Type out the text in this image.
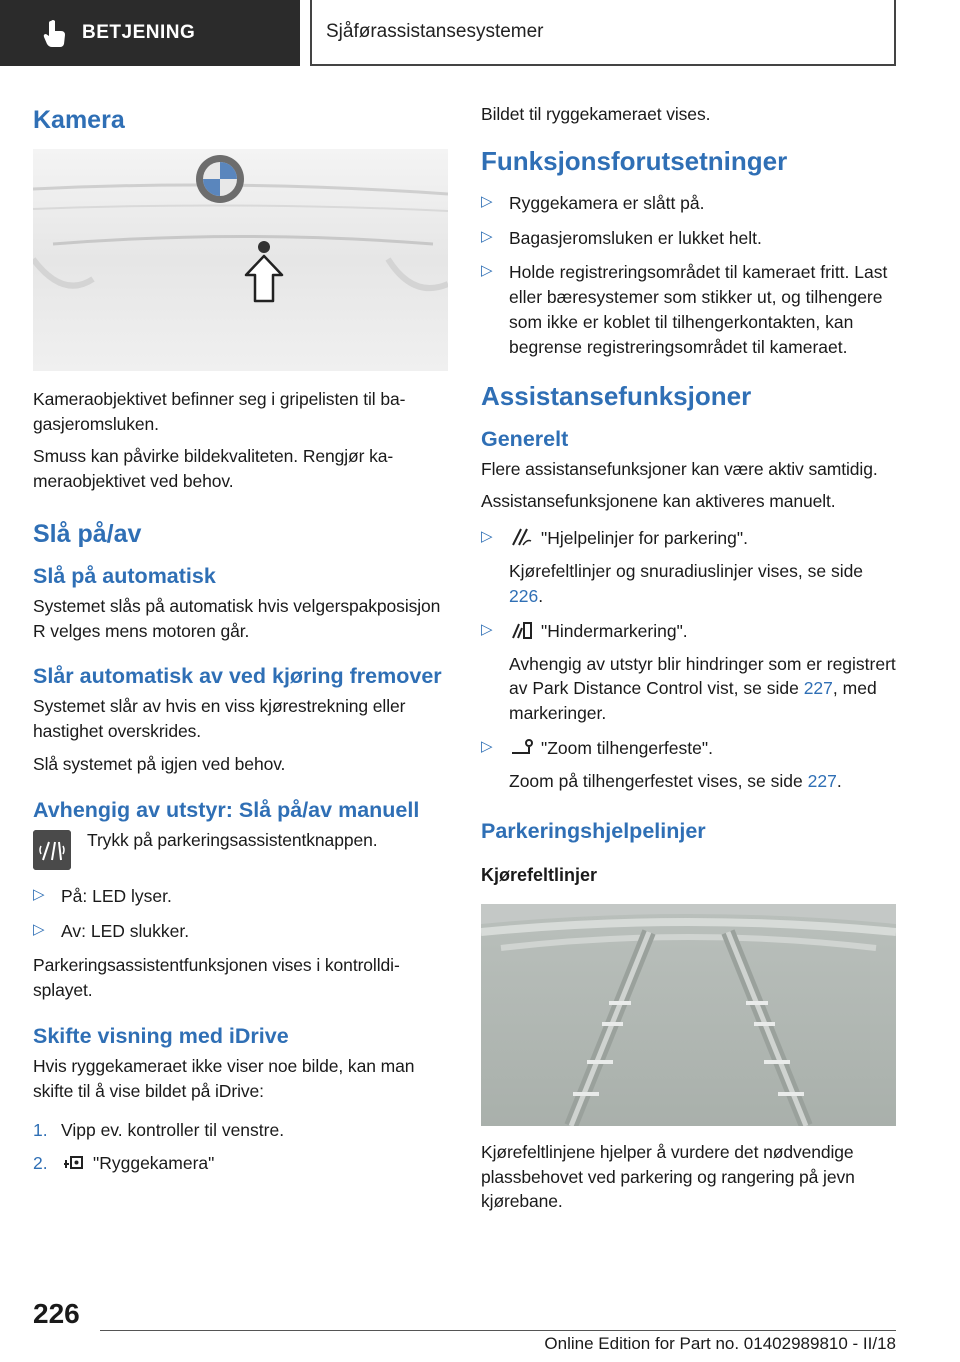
BETJENING	Sjåførassistansesystemer
Kamera

Kameraobjektivet befinner seg i gripelisten til bagasjeromsluken.

Smuss kan påvirke bildekvaliteten. Rengjør kameraobjektivet ved behov.

Slå på/av
Slå på automatisk

Systemet slås på automatisk hvis velgerspakposisjon R velges mens motoren går.

Slår automatisk av ved kjøring fremover

Systemet slår av hvis en viss kjørestrekning eller hastighet overskrides.

Slå systemet på igjen ved behov.

Avhengig av utstyr: Slå på/av manuell

Trykk på parkeringsassistentknappen.

▷ På: LED lyser.
▷ Av: LED slukker.

Parkeringsassistentfunksjonen vises i kontrolldisplayet.

Skifte visning med iDrive

Hvis ryggekameraet ikke viser noe bilde, kan man skifte til å vise bildet på iDrive:

1. Vipp ev. kontroller til venstre.
2.	"Ryggekamera"

Bildet til ryggekameraet vises.

Funksjonsforutsetninger
▷ Ryggekamera er slått på.
▷ Bagasjeromsluken er lukket helt.
▷ Holde registreringsområdet til kameraet fritt. Last eller bæresystemer som stikker ut, og tilhengere som ikke er koblet til tilhengerkontakten, kan begrense registreringsområdet til kameraet.
Assistansefunksjoner
Generelt

Flere assistansefunksjoner kan være aktiv samtidig.

Assistansefunksjonene kan aktiveres manuelt.

▷	"Hjelpelinjer for parkering".
Kjørefeltlinjer og snuradiuslinjer vises, se side 226.
▷	"Hindermarkering".
Avhengig av utstyr blir hindringer som er registrert av Park Distance Control vist, se side 227, med markeringer.
▷	"Zoom tilhengerfeste".
Zoom på tilhengerfestet vises, se side 227.
Parkeringshjelpelinjer
Kjørefeltlinjer

Kjørefeltlinjene hjelper å vurdere det nødvendige plassbehovet ved parkering og rangering på jevn kjørebane.

226
Online Edition for Part no. 01402989810 - II/18
